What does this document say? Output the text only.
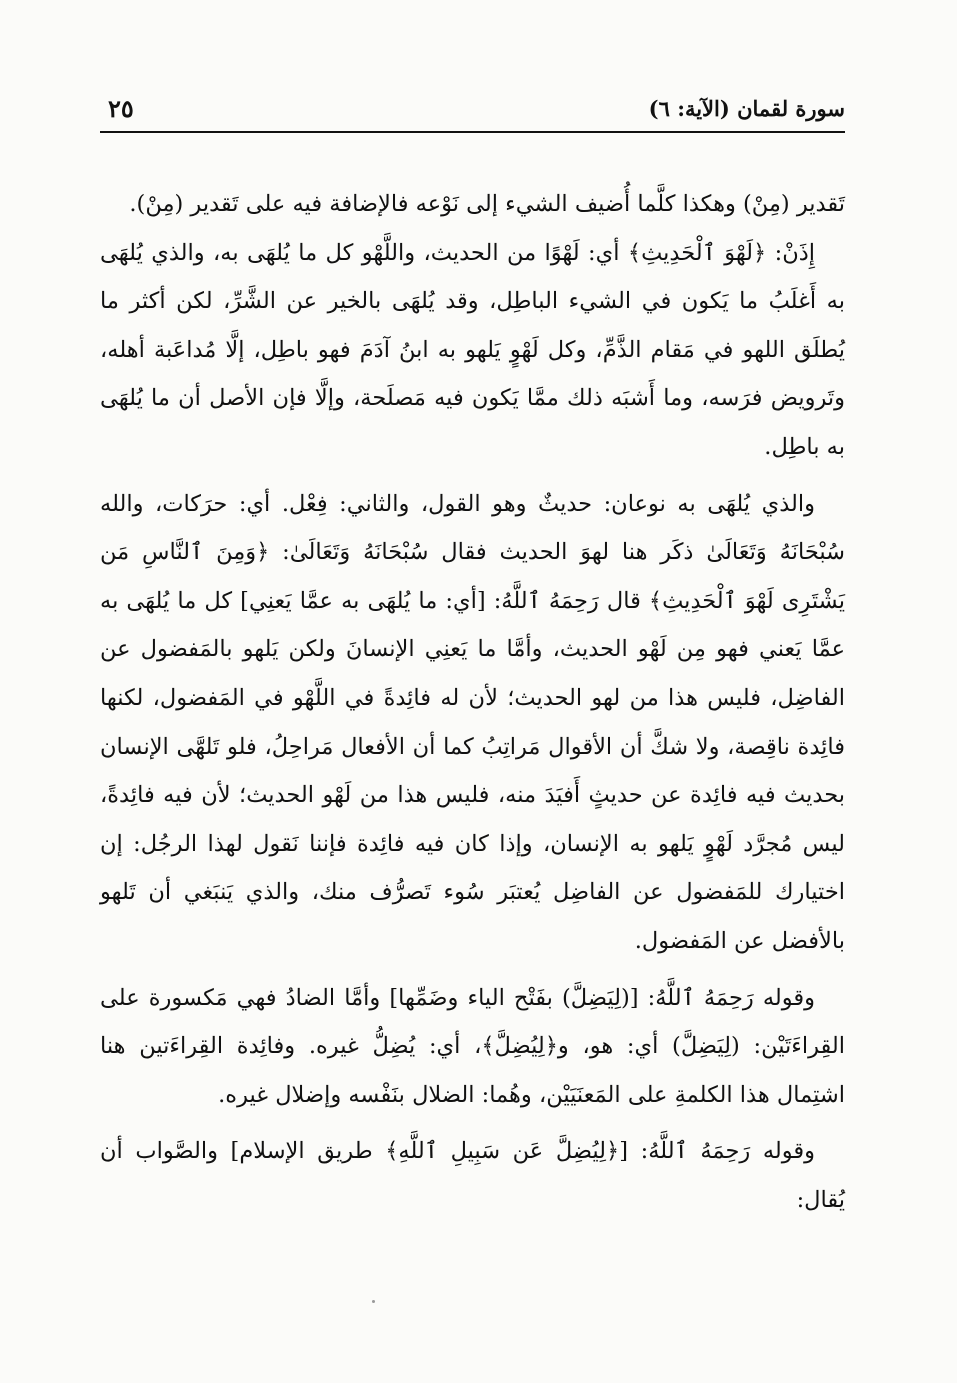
٢٥	سورة لقمان (الآية: ٦)

تَقدير (مِنْ) وهكذا كلَّما أُضيف الشيء إلى نَوْعه فالإضافة فيه على تَقدير (مِنْ).

إِذَنْ: ﴿لَهْوَ ٱلْحَدِيثِ﴾ أي: لَهْوًا من الحديث، واللَّهْو كل ما يُلهَى به، والذي يُلهَى به أَغلَبُ ما يَكون في الشيء الباطِل، وقد يُلهَى بالخير عن الشَّرِّ، لكن أكثر ما يُطلَق اللهو في مَقام الذَّمِّ، وكل لَهْوٍ يَلهو به ابنُ آدَمَ فهو باطِل، إلَّا مُداعَبة أهله، وتَرويض فرَسه، وما أَشبَه ذلك ممَّا يَكون فيه مَصلَحة، وإلَّا فإن الأصل أن ما يُلهَى به باطِل.

والذي يُلهَى به نوعان: حديثٌ وهو القول، والثاني: فِعْل. أي: حرَكات، والله سُبْحَانَهُ وَتَعَالَىٰ ذكَر هنا لهوَ الحديث فقال سُبْحَانَهُ وَتَعَالَىٰ: ﴿وَمِنَ ٱلنَّاسِ مَن يَشْتَرِى لَهْوَ ٱلْحَدِيثِ﴾ قال رَحِمَهُ ٱللَّهُ: [أي: ما يُلهَى به عمَّا يَعنِي] كل ما يُلهَى به عمَّا يَعني فهو مِن لَهْو الحديث، وأمَّا ما يَعنِي الإنسانَ ولكن يَلهو بالمَفضول عن الفاضِل، فليس هذا من لهو الحديث؛ لأن له فائِدةً في اللَّهْو في المَفضول، لكنها فائِدة ناقِصة، ولا شكَّ أن الأقوال مَراتِبُ كما أن الأفعال مَراحِلُ، فلو تَلهَّى الإنسان بحديث فيه فائِدة عن حديثٍ أَفيَدَ منه، فليس هذا من لَهْو الحديث؛ لأن فيه فائِدةً، ليس مُجرَّد لَهْوٍ يَلهو به الإنسان، وإذا كان فيه فائِدة فإننا نَقول لهذا الرجُل: إن اختيارك للمَفضول عن الفاضِل يُعتبَر سُوء تَصرُّف منك، والذي يَنبَغي أن تَلهو بالأفضل عن المَفضول.

وقوله رَحِمَهُ ٱللَّهُ: [(لِيَضِلَّ) بفَتْح الياء وضَمِّها] وأمَّا الضادُ فهي مَكسورة على القِراءَتَيْن: (لِيَضِلَّ) أي: هو، و﴿لِيُضِلَّ﴾، أي: يُضِلُّ غيره. وفائِدة القِراءَتين هنا اشتِمال هذا الكلمةِ على المَعنَيَيْن، وهُما: الضلال بنَفْسه وإضلال غيره.

وقوله رَحِمَهُ ٱللَّهُ: [﴿لِيُضِلَّ عَن سَبِيلِ ٱللَّهِ﴾ طريق الإسلام] والصَّواب أن يُقال:
